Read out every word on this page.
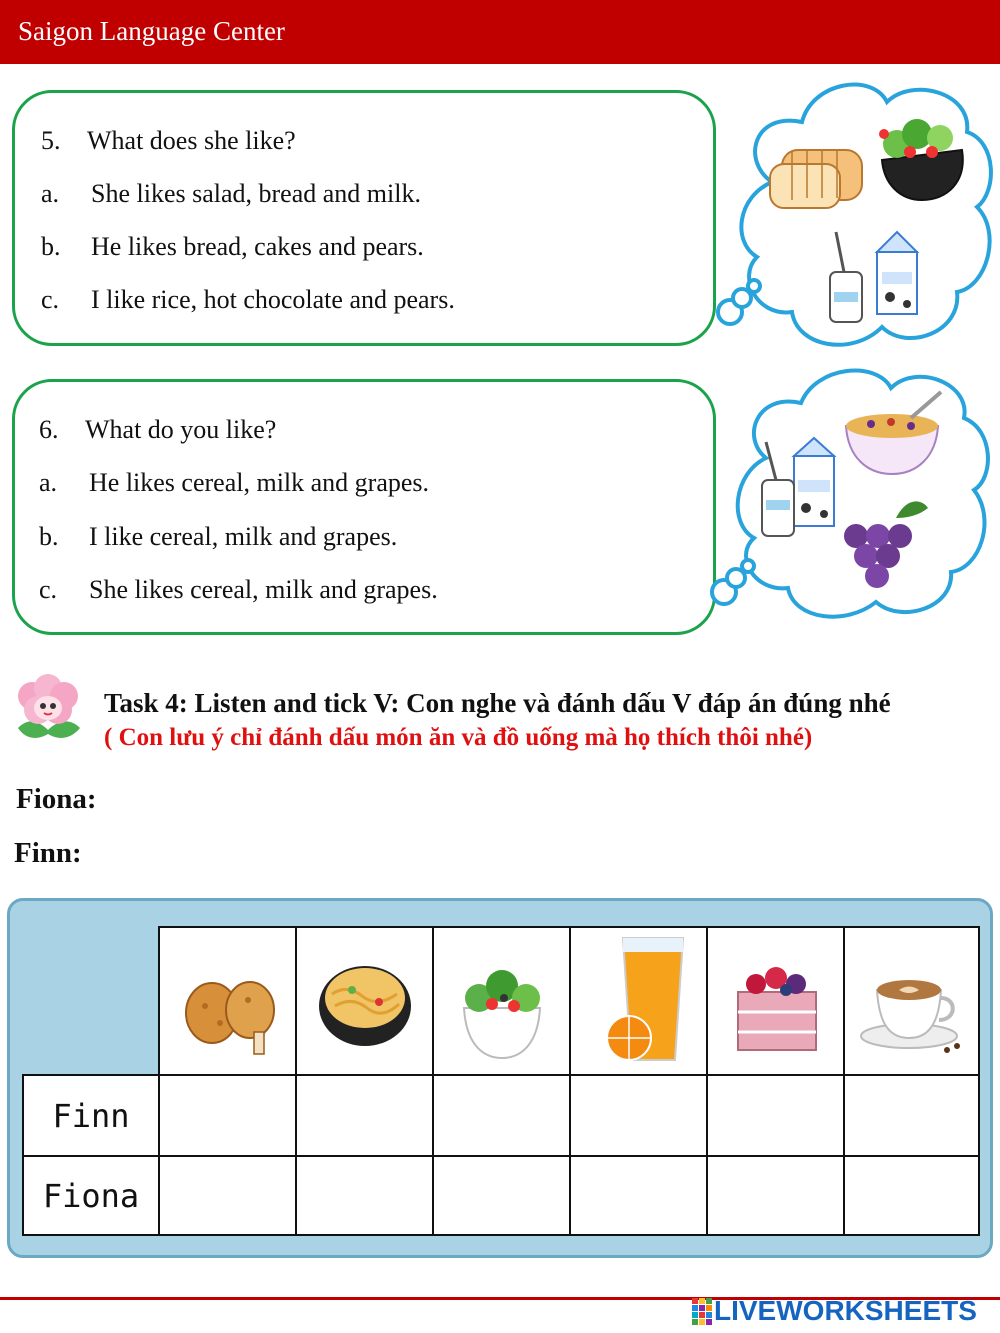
Saigon Language Center
5. What does she like?
a. She likes salad, bread and milk.
b. He likes bread, cakes and pears.
c. I like rice, hot chocolate and pears.
6. What do you like?
a. He likes cereal, milk and grapes.
b. I like cereal, milk and grapes.
c. She likes cereal, milk and grapes.
Task 4: Listen and tick V: Con nghe và đánh dấu V đáp án đúng nhé
( Con lưu ý chỉ đánh dấu món ăn và đồ uống mà họ thích thôi nhé)
Fiona:
Finn:
Finn
Fiona
LIVEWORKSHEETS
